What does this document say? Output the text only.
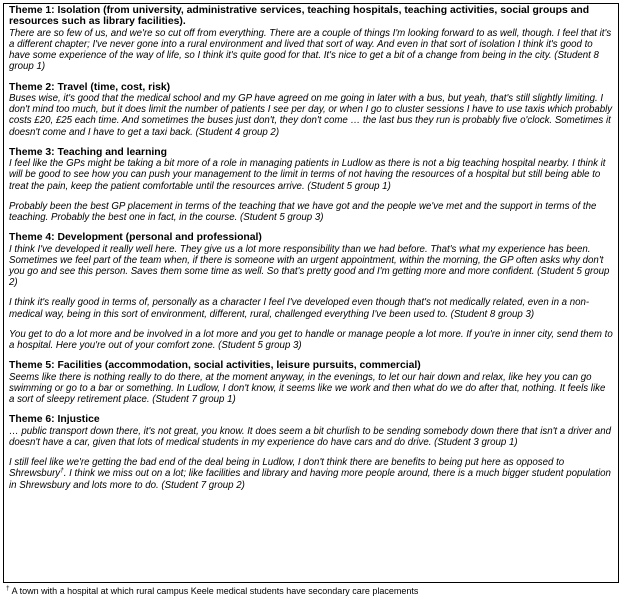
Theme 1: Isolation (from university, administrative services, teaching hospitals, teaching activities, social groups and resources such as library facilities).

There are so few of us, and we're so cut off from everything. There are a couple of things I'm looking forward to as well, though. I feel that it's a different chapter; I've never gone into a rural environment and lived that sort of way. And even in that sort of isolation I think it's good to have some experience of the way of life, so I think it's quite good for that. It's nice to get a bit of a change from being in the city. (Student 8 group 1)

Theme 2: Travel (time, cost, risk)

Buses wise, it's good that the medical school and my GP have agreed on me going in later with a bus, but yeah, that's still slightly limiting. I don't mind too much, but it does limit the number of patients I see per day, or when I go to cluster sessions I have to use taxis which probably costs £20, £25 each time. And sometimes the buses just don't, they don't come … the last bus they run is probably five o'clock. Sometimes it doesn't come and I have to get a taxi back. (Student 4 group 2)

Theme 3: Teaching and learning

I feel like the GPs might be taking a bit more of a role in managing patients in Ludlow as there is not a big teaching hospital nearby. I think it will be good to see how you can push your management to the limit in terms of not having the resources of a hospital but still being able to treat the pain, keep the patient comfortable until the resources arrive. (Student 5 group 1)

Probably been the best GP placement in terms of the teaching that we have got and the people we've met and the support in terms of the teaching. Probably the best one in fact, in the course. (Student 5 group 3)

Theme 4: Development (personal and professional)

I think I've developed it really well here. They give us a lot more responsibility than we had before. That's what my experience has been. Sometimes we feel part of the team when, if there is someone with an urgent appointment, within the morning, the GP often asks why don't you go and see this person. Saves them some time as well. So that's pretty good and I'm getting more and more confident. (Student 5 group 2)

I think it's really good in terms of, personally as a character I feel I've developed even though that's not medically related, even in a non-medical way, being in this sort of environment, different, rural, challenged everything I've been used to. (Student 8 group 3)

You get to do a lot more and be involved in a lot more and you get to handle or manage people a lot more. If you're in inner city, send them to a hospital. Here you're out of your comfort zone. (Student 5 group 3)

Theme 5: Facilities (accommodation, social activities, leisure pursuits, commercial)

Seems like there is nothing really to do there, at the moment anyway, in the evenings, to let our hair down and relax, like hey you can go swimming or go to a bar or something. In Ludlow, I don't know, it seems like we work and then what do we do after that, nothing. It feels like a sort of sleepy retirement place. (Student 7 group 1)

Theme 6: Injustice

… public transport down there, it's not great, you know. It does seem a bit churlish to be sending somebody down there that isn't a driver and doesn't have a car, given that lots of medical students in my experience do have cars and do drive. (Student 3 group 1)

I still feel like we're getting the bad end of the deal being in Ludlow, I don't think there are benefits to being put here as opposed to Shrewsbury†. I think we miss out on a lot; like facilities and library and having more people around, there is a much bigger student population in Shrewsbury and lots more to do. (Student 7 group 2)

† A town with a hospital at which rural campus Keele medical students have secondary care placements
